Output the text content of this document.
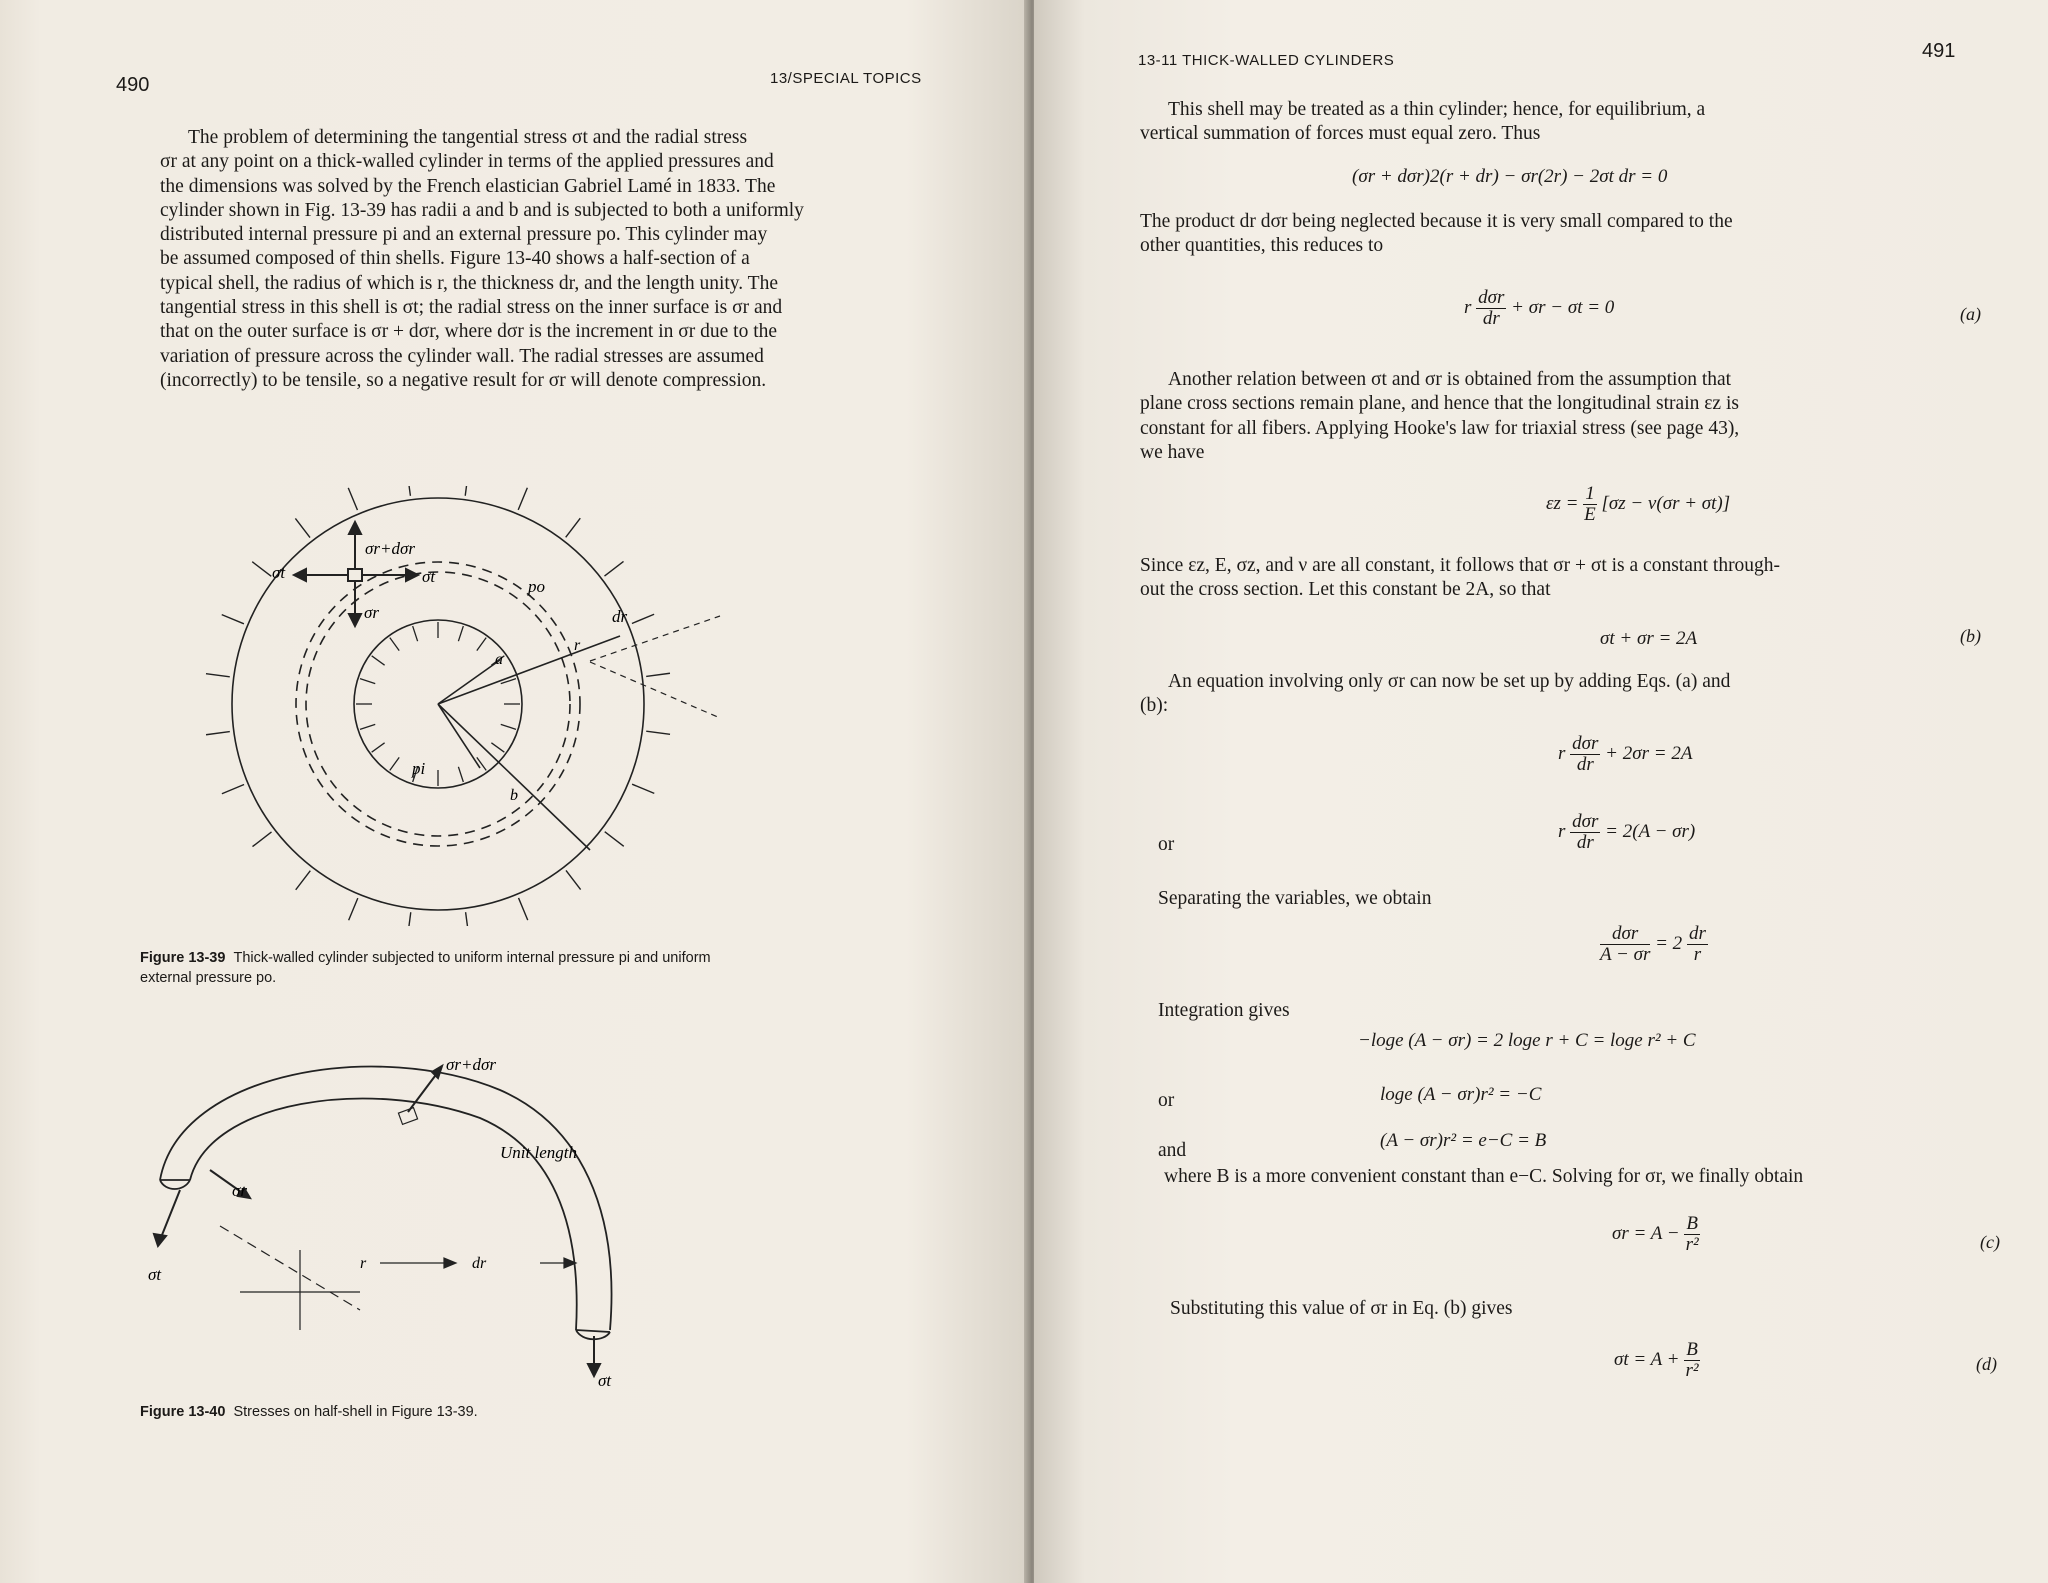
490	13/SPECIAL TOPICS
The problem of determining the tangential stress σt and the radial stress
σr at any point on a thick-walled cylinder in terms of the applied pressures and
the dimensions was solved by the French elastician Gabriel Lamé in 1833. The
cylinder shown in Fig. 13-39 has radii a and b and is subjected to both a uniformly
distributed internal pressure pi and an external pressure po. This cylinder may
be assumed composed of thin shells. Figure 13-40 shows a half-section of a
typical shell, the radius of which is r, the thickness dr, and the length unity. The
tangential stress in this shell is σt; the radial stress on the inner surface is σr and
that on the outer surface is σr + dσr, where dσr is the increment in σr due to the
variation of pressure across the cylinder wall. The radial stresses are assumed
(incorrectly) to be tensile, so a negative result for σr will denote compression.
σr+dσr
σt	σt
σr
po
pi
a
b
r
dr
Figure 13-39 Thick-walled cylinder subjected to uniform internal pressure pi and uniform
external pressure po.
σr+dσr
Unit length
σr
σt
σt
r	dr
Figure 13-40 Stresses on half-shell in Figure 13-39.
13-11 THICK-WALLED CYLINDERS	491
This shell may be treated as a thin cylinder; hence, for equilibrium, a
vertical summation of forces must equal zero. Thus
(σr + dσr)2(r + dr) − σr(2r) − 2σt dr = 0
The product dr dσr being neglected because it is very small compared to the
other quantities, this reduces to
r $\frac{\text{dσr}}{dr} + \sigma r - \sigma t = 0$	(a)
Another relation between σt and σr is obtained from the assumption that
plane cross sections remain plane, and hence that the longitudinal strain εz is
constant for all fibers. Applying Hooke's law for triaxial stress (see page 43),
we have
$\varepsilon z = \frac{1}{E} [\sigma z - \nu(\sigma r + \sigma t)]$
Since εz, E, σz, and ν are all constant, it follows that σr + σt is a constant through-
out the cross section. Let this constant be 2A, so that
σt + σr = 2A	(b)
An equation involving only σr can now be set up by adding Eqs. (a) and
(b):
r $\frac{\text{dσr}}{dr} + 2\sigma r = 2A$
or
r $\frac{\text{dσr}}{dr} = 2(A - \sigma r)$
Separating the variables, we obtain
$\frac{\text{dσr}}{A - \sigma r} = 2 \frac{dr}{r}$
Integration gives
−loge (A − σr) = 2 loge r + C = loge r² + C
or	loge (A − σr)r² = −C
and	(A − σr)r² = e−C = B
where B is a more convenient constant than e−C. Solving for σr, we finally obtain
$\sigma r = A - \frac{B}{\text{r²}}$	(c)
Substituting this value of σr in Eq. (b) gives
$\sigma t = A + \frac{B}{\text{r²}}$	(d)
